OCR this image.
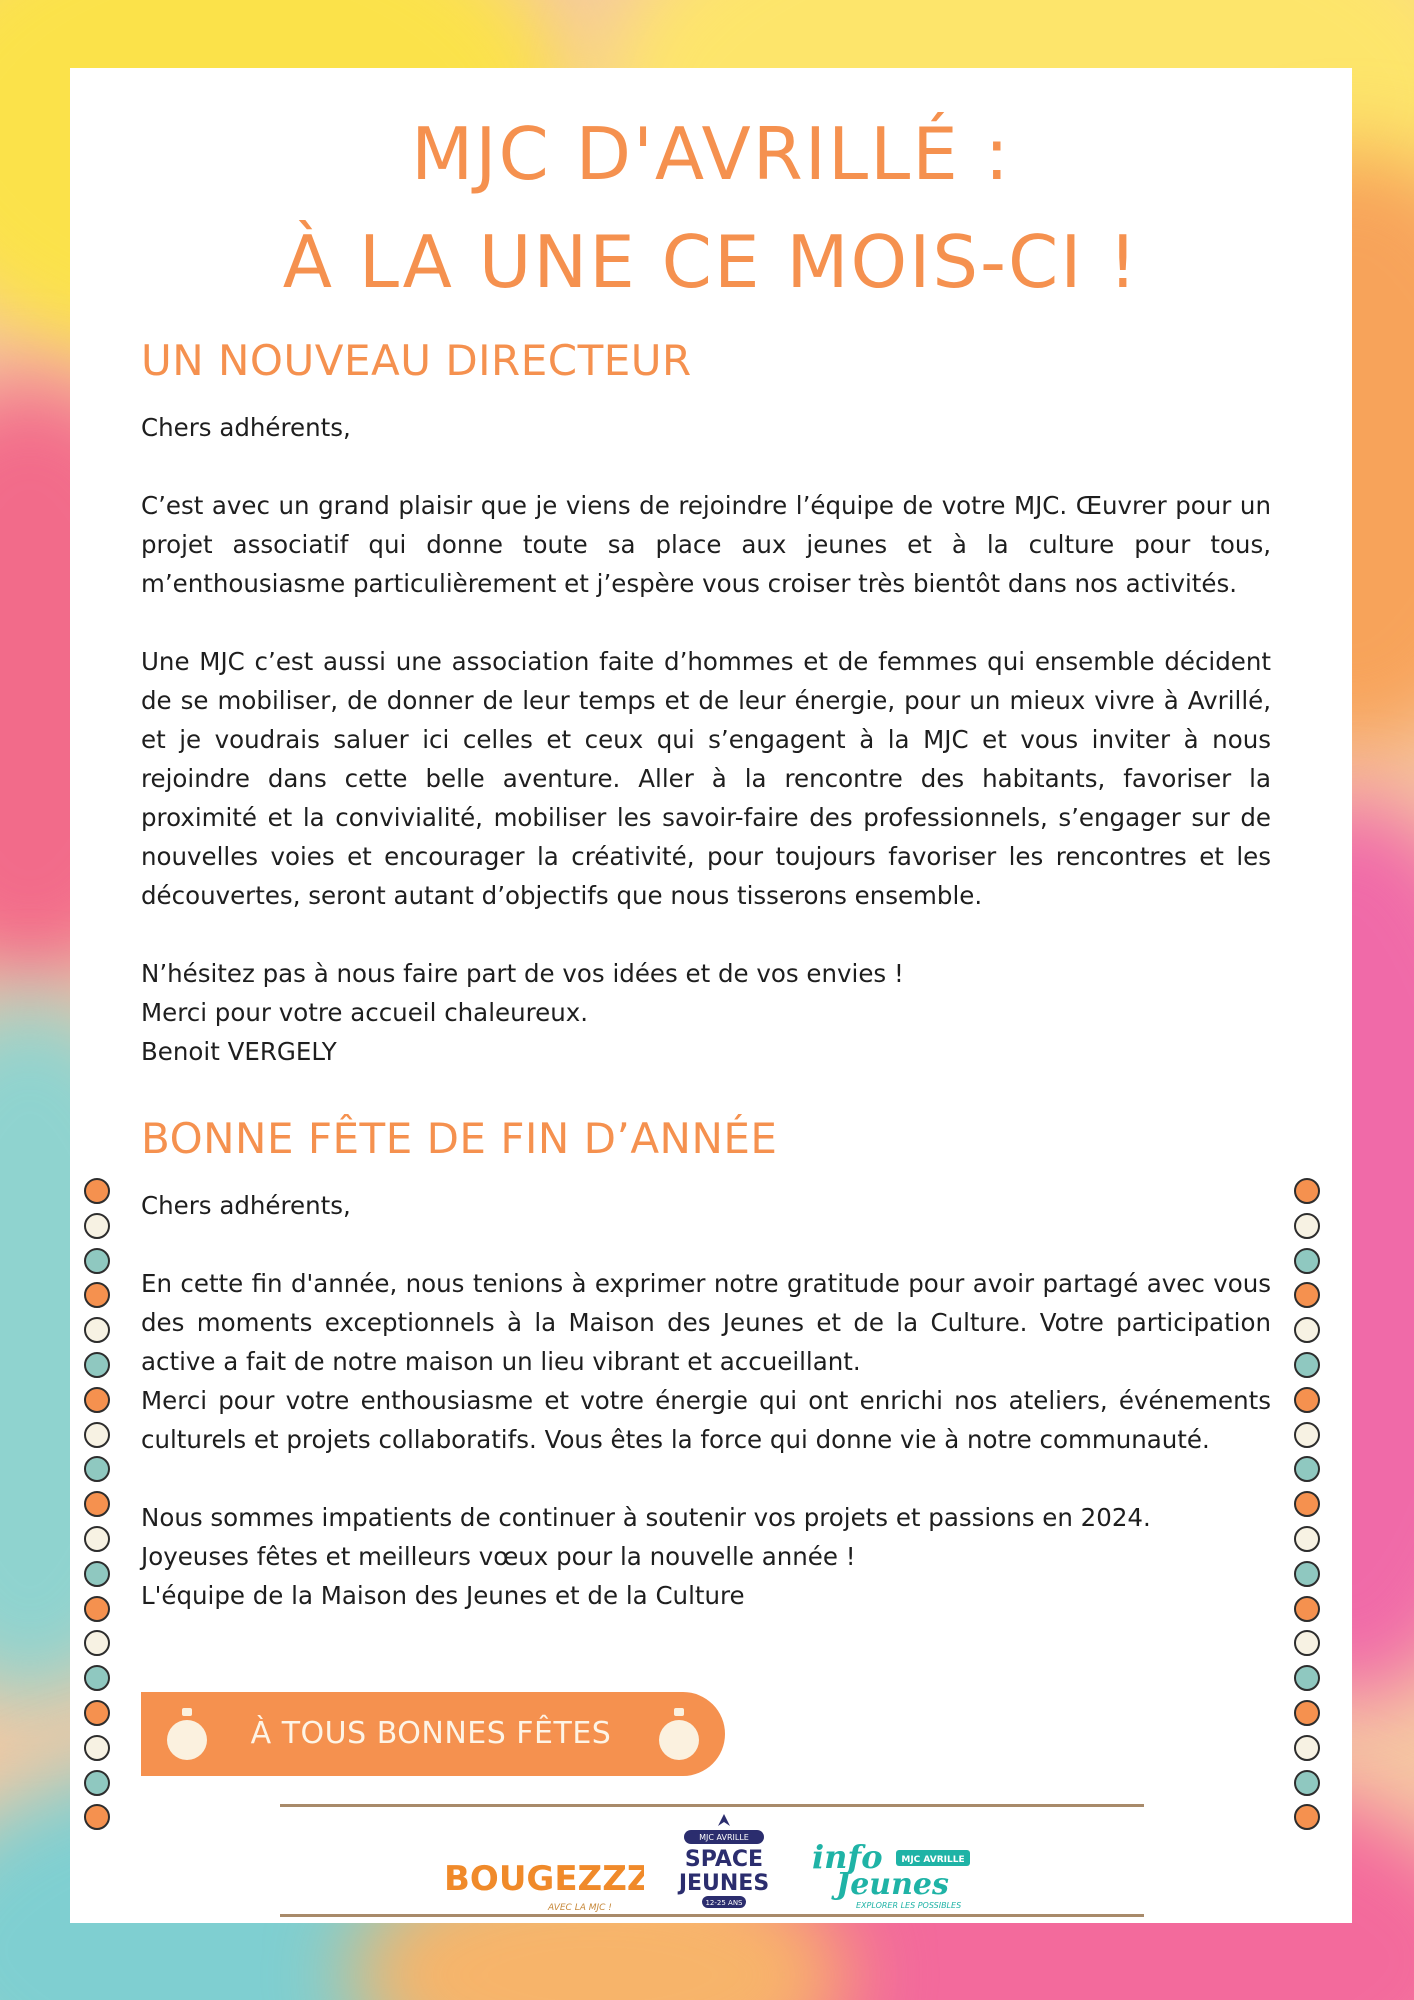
MJC D'AVRILLÉ :
À LA UNE CE MOIS-CI !
UN NOUVEAU DIRECTEUR

Chers adhérents,

C’est avec un grand plaisir que je viens de rejoindre l’équipe de votre MJC. Œuvrer pour un projet associatif qui donne toute sa place aux jeunes et à la culture pour tous, m’enthousiasme particulièrement et j’espère vous croiser très bientôt dans nos activités.

Une MJC c’est aussi une association faite d’hommes et de femmes qui ensemble décident de se mobiliser, de donner de leur temps et de leur énergie, pour un mieux vivre à Avrillé, et je voudrais saluer ici celles et ceux qui s’engagent à la MJC et vous inviter à nous rejoindre dans cette belle aventure. Aller à la rencontre des habitants, favoriser la proximité et la convivialité, mobiliser les savoir-faire des professionnels, s’engager sur de nouvelles voies et encourager la créativité, pour toujours favoriser les rencontres et les découvertes, seront autant d’objectifs que nous tisserons ensemble.

N’hésitez pas à nous faire part de vos idées et de vos envies !

Merci pour votre accueil chaleureux.

Benoit VERGELY

BONNE FÊTE DE FIN D’ANNÉE

Chers adhérents,

En cette fin d'année, nous tenions à exprimer notre gratitude pour avoir partagé avec vous des moments exceptionnels à la Maison des Jeunes et de la Culture. Votre participation active a fait de notre maison un lieu vibrant et accueillant.

Merci pour votre enthousiasme et votre énergie qui ont enrichi nos ateliers, événements culturels et projets collaboratifs. Vous êtes la force qui donne vie à notre communauté.

Nous sommes impatients de continuer à soutenir vos projets et passions en 2024.

Joyeuses fêtes et meilleurs vœux pour la nouvelle année !

L'équipe de la Maison des Jeunes et de la Culture

À TOUS BONNES FÊTES
BOUGEZZZ
AVEC LA MJC !
MJC AVRILLE
SPACE
JEUNES
12-25 ANS
info MJC AVRILLE
Jeunes
EXPLORER LES POSSIBLES
